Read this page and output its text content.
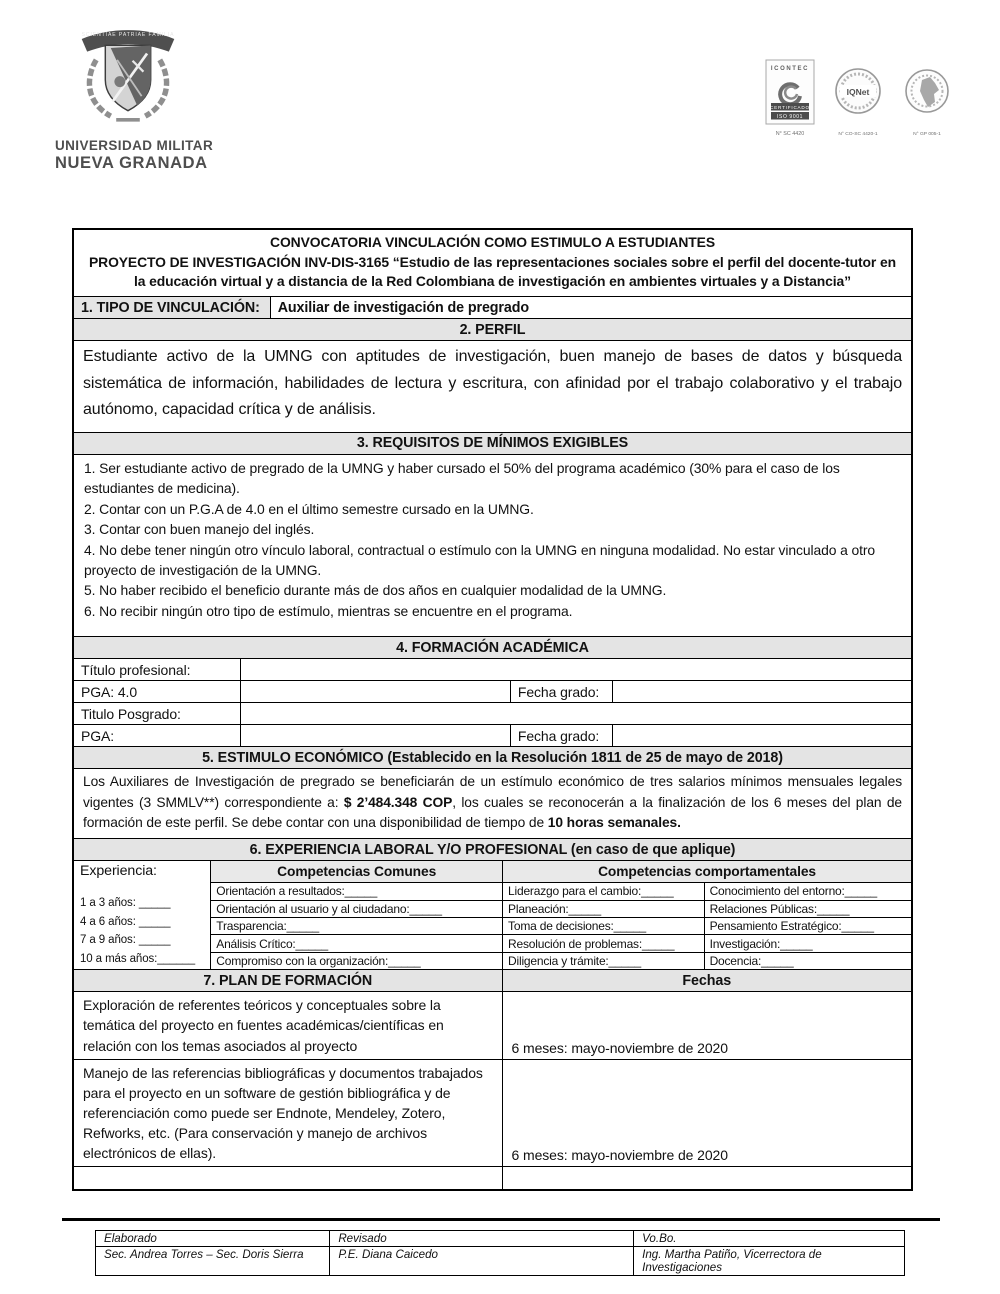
SCIENTIAE PATRIAE FAMILIA
UNIVERSIDAD MILITAR
NUEVA GRANADA
ICONTEC
CERTIFICADO
ISO 9001
N° SC 4420
IQNet
N° CO-SC 4420-1	N° GP 005-1
CONVOCATORIA VINCULACIÓN COMO ESTIMULO A ESTUDIANTES
PROYECTO DE INVESTIGACIÓN INV-DIS-3165 “Estudio de las representaciones sociales sobre el perfil del docente-tutor en la educación virtual y a distancia de la Red Colombiana de investigación en ambientes virtuales y a Distancia”
1. TIPO DE VINCULACIÓN:	Auxiliar de investigación de pregrado
2. PERFIL
Estudiante activo de la UMNG con aptitudes de investigación, buen manejo de bases de datos y búsqueda sistemática de información, habilidades de lectura y escritura, con afinidad por el trabajo colaborativo y el trabajo autónomo, capacidad crítica y de análisis.
3. REQUISITOS DE MÍNIMOS EXIGIBLES
1. Ser estudiante activo de pregrado de la UMNG y haber cursado el 50% del programa académico (30% para el caso de los estudiantes de medicina).
2. Contar con un P.G.A de 4.0 en el último semestre cursado en la UMNG.
3. Contar con buen manejo del inglés.
4. No debe tener ningún otro vínculo laboral, contractual o estímulo con la UMNG en ninguna modalidad. No estar vinculado a otro proyecto de investigación de la UMNG.
5. No haber recibido el beneficio durante más de dos años en cualquier modalidad de la UMNG.
6. No recibir ningún otro tipo de estímulo, mientras se encuentre en el programa.
4. FORMACIÓN ACADÉMICA
Título profesional:
PGA: 4.0	Fecha grado:
Titulo Posgrado:
PGA:	Fecha grado:
5. ESTIMULO ECONÓMICO (Establecido en la Resolución 1811 de 25 de mayo de 2018)
Los Auxiliares de Investigación de pregrado se beneficiarán de un estímulo económico de tres salarios mínimos mensuales legales vigentes (3 SMMLV**) correspondiente a: $ 2’484.348 COP, los cuales se reconocerán a la finalización de los 6 meses del plan de formación de este perfil. Se debe contar con una disponibilidad de tiempo de 10 horas semanales.
6. EXPERIENCIA LABORAL Y/O PROFESIONAL (en caso de que aplique)
Experiencia:
1 a 3 años: _____
4 a 6 años: _____
7 a 9 años: _____
10 a más años:______
Competencias Comunes	Competencias comportamentales
Orientación a resultados:_____	Liderazgo para el cambio:_____	Conocimiento del entorno:_____
Orientación al usuario y al ciudadano:_____	Planeación:_____	Relaciones Públicas:_____
Trasparencia:_____	Toma de decisiones:_____	Pensamiento Estratégico:_____
Análisis Crítico:_____	Resolución de problemas:_____	Investigación:_____
Compromiso con la organización:_____	Diligencia y trámite:_____	Docencia:_____
7. PLAN DE FORMACIÓN	Fechas
Exploración de referentes teóricos y conceptuales sobre la temática del proyecto en fuentes académicas/científicas en relación con los temas asociados al proyecto	6 meses: mayo-noviembre de 2020
Manejo de las referencias bibliográficas y documentos trabajados para el proyecto en un software de gestión bibliográfica y de referenciación como puede ser Endnote, Mendeley, Zotero, Refworks, etc. (Para conservación y manejo de archivos electrónicos de ellas).	6 meses: mayo-noviembre de 2020
Elaborado	Revisado	Vo.Bo.
Sec. Andrea Torres – Sec. Doris Sierra	P.E. Diana Caicedo	Ing. Martha Patiño, Vicerrectora de Investigaciones
